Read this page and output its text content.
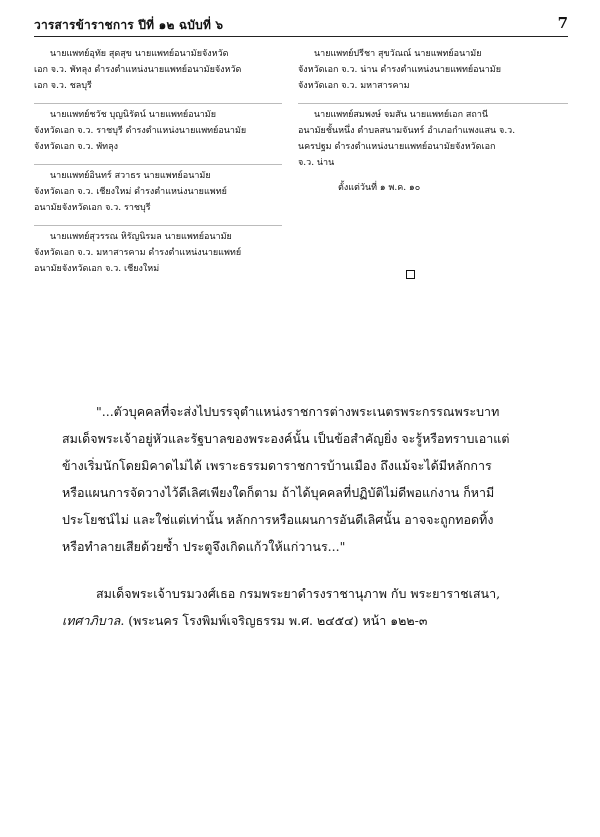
วารสารข้าราชการ ปีที่ ๑๒ ฉบับที่ ๖	7
นายแพทย์อุทัย สุดสุข นายแพทย์อนามัยจังหวัด
เอก จ.ว. พัทลุง ดำรงตำแหน่งนายแพทย์อนามัยจังหวัด
เอก จ.ว. ชลบุรี
นายแพทย์ชวัช บุญนิรัตน์ นายแพทย์อนามัย
จังหวัดเอก จ.ว. ราชบุรี ดำรงตำแหน่งนายแพทย์อนามัย
จังหวัดเอก จ.ว. พัทลุง
นายแพทย์อินทร์ สวาธร นายแพทย์อนามัย
จังหวัดเอก จ.ว. เชียงใหม่ ดำรงตำแหน่งนายแพทย์
อนามัยจังหวัดเอก จ.ว. ราชบุรี
นายแพทย์สุวรรณ หิรัญนิรมล นายแพทย์อนามัย
จังหวัดเอก จ.ว. มหาสารคาม ดำรงตำแหน่งนายแพทย์
อนามัยจังหวัดเอก จ.ว. เชียงใหม่
นายแพทย์ปรีชา สุขวัณณ์ นายแพทย์อนามัย
จังหวัดเอก จ.ว. น่าน ดำรงตำแหน่งนายแพทย์อนามัย
จังหวัดเอก จ.ว. มหาสารคาม
นายแพทย์สมพงษ์ จมสัน นายแพทย์เอก สถานี
อนามัยชั้นหนึ่ง ตำบลสนามจันทร์ อำเภอกำแพงแสน จ.ว.
นครปฐม ดำรงตำแหน่งนายแพทย์อนามัยจังหวัดเอก
จ.ว. น่าน
ตั้งแต่วันที่ ๑ พ.ค. ๑๐
"...ตัวบุคคลที่จะส่งไปบรรจุตำแหน่งราชการต่างพระเนตรพระกรรณพระบาท
สมเด็จพระเจ้าอยู่หัวและรัฐบาลของพระองค์นั้น เป็นข้อสำคัญยิ่ง จะรู้หรือทราบเอาแต่
ข้างเริ่มนักโดยมิคาดไม่ได้ เพราะธรรมดาราชการบ้านเมือง ถึงแม้จะได้มีหลักการ
หรือแผนการจัดวางไว้ดีเลิศเพียงใดก็ตาม ถ้าได้บุคคลที่ปฏิบัติไม่ดีพอแก่งาน ก็หามี
ประโยชน์ไม่ และใช่แต่เท่านั้น หลักการหรือแผนการอันดีเลิศนั้น อาจจะถูกทอดทิ้ง
หรือทำลายเสียด้วยซ้ำ ประตูจึงเกิดแก้วให้แก่วานร..."
สมเด็จพระเจ้าบรมวงศ์เธอ กรมพระยาดำรงราชานุภาพ กับ พระยาราชเสนา,
เทศาภิบาล. (พระนคร โรงพิมพ์เจริญธรรม พ.ศ. ๒๔๕๔) หน้า ๑๒๒-๓
